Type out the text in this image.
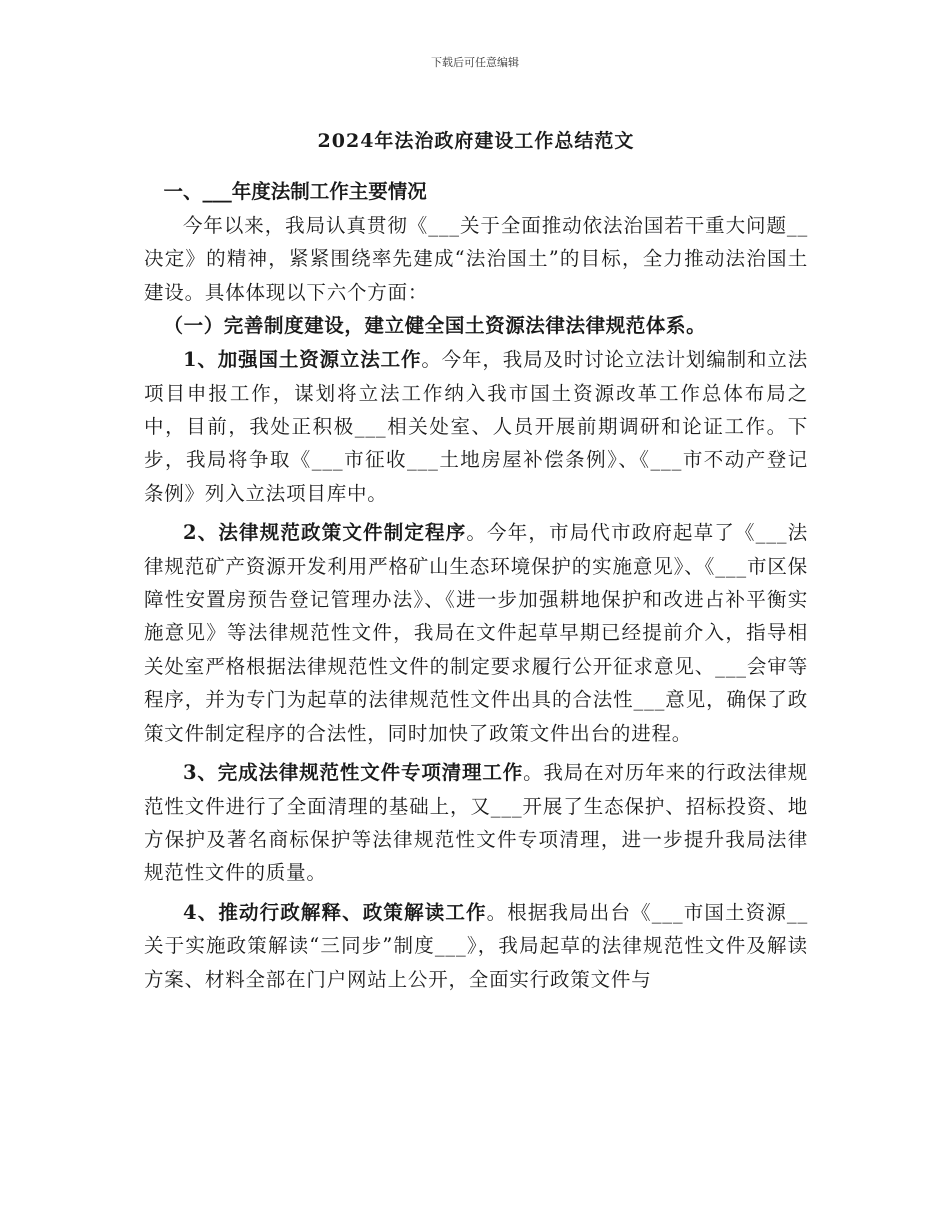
下载后可任意编辑
2024年法治政府建设工作总结范文

一、___年度法制工作主要情况

今年以来，我局认真贯彻《___关于全面推动依法治国若干重大问题__决定》的精神，紧紧围绕率先建成“法治国土”的目标，全力推动法治国土建设。具体体现以下六个方面：

（一）完善制度建设，建立健全国土资源法律法律规范体系。

1、加强国土资源立法工作。今年，我局及时讨论立法计划编制和立法项目申报工作，谋划将立法工作纳入我市国土资源改革工作总体布局之中，目前，我处正积极___相关处室、人员开展前期调研和论证工作。下步，我局将争取《___市征收___土地房屋补偿条例》、《___市不动产登记条例》列入立法项目库中。

2、法律规范政策文件制定程序。今年，市局代市政府起草了《___法律规范矿产资源开发利用严格矿山生态环境保护的实施意见》、《___市区保障性安置房预告登记管理办法》、《进一步加强耕地保护和改进占补平衡实施意见》等法律规范性文件，我局在文件起草早期已经提前介入，指导相关处室严格根据法律规范性文件的制定要求履行公开征求意见、___会审等程序，并为专门为起草的法律规范性文件出具的合法性___意见，确保了政策文件制定程序的合法性，同时加快了政策文件出台的进程。

3、完成法律规范性文件专项清理工作。我局在对历年来的行政法律规范性文件进行了全面清理的基础上，又___开展了生态保护、招标投资、地方保护及著名商标保护等法律规范性文件专项清理，进一步提升我局法律规范性文件的质量。

4、推动行政解释、政策解读工作。根据我局出台《___市国土资源__关于实施政策解读“三同步”制度___》，我局起草的法律规范性文件及解读方案、材料全部在门户网站上公开，全面实行政策文件与
